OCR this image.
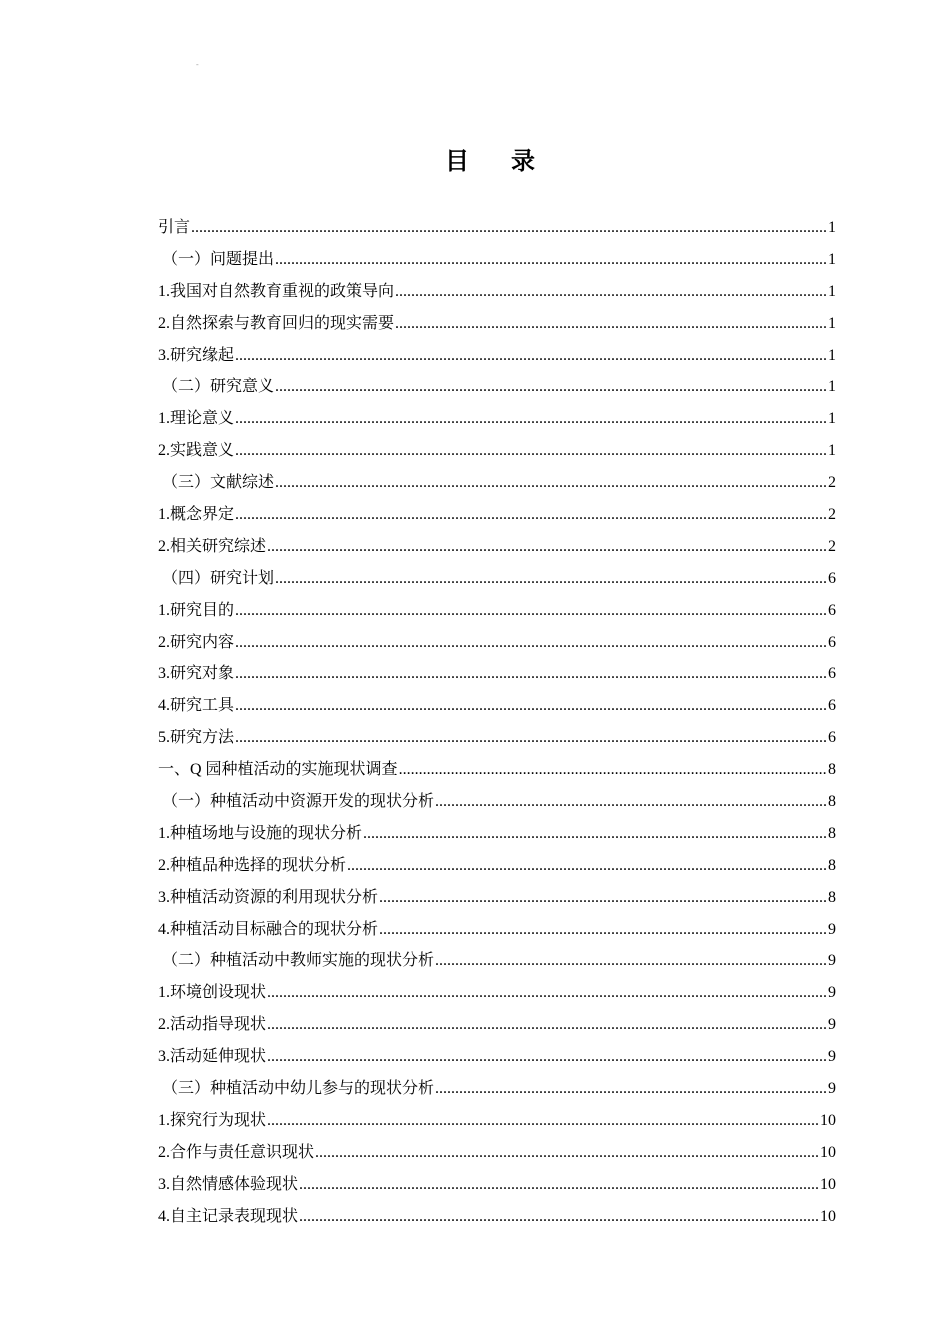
-
目 录
引言 .....	1
（一）问题提出 .....	1
1.我国对自然教育重视的政策导向 .....	1
2.自然探索与教育回归的现实需要 .....	1
3.研究缘起 .....	1
（二）研究意义 .....	1
1.理论意义 .....	1
2.实践意义 .....	1
（三）文献综述 .....	2
1.概念界定 .....	2
2.相关研究综述 .....	2
（四）研究计划 .....	6
1.研究目的 .....	6
2.研究内容 .....	6
3.研究对象 .....	6
4.研究工具 .....	6
5.研究方法 .....	6
一、Q 园种植活动的实施现状调查 .....	8
（一）种植活动中资源开发的现状分析 .....	8
1.种植场地与设施的现状分析 .....	8
2.种植品种选择的现状分析 .....	8
3.种植活动资源的利用现状分析 .....	8
4.种植活动目标融合的现状分析 .....	9
（二）种植活动中教师实施的现状分析 .....	9
1.环境创设现状 .....	9
2.活动指导现状 .....	9
3.活动延伸现状 .....	9
（三）种植活动中幼儿参与的现状分析 .....	9
1.探究行为现状 .....	10
2.合作与责任意识现状 .....	10
3.自然情感体验现状 .....	10
4.自主记录表现现状 .....	10
